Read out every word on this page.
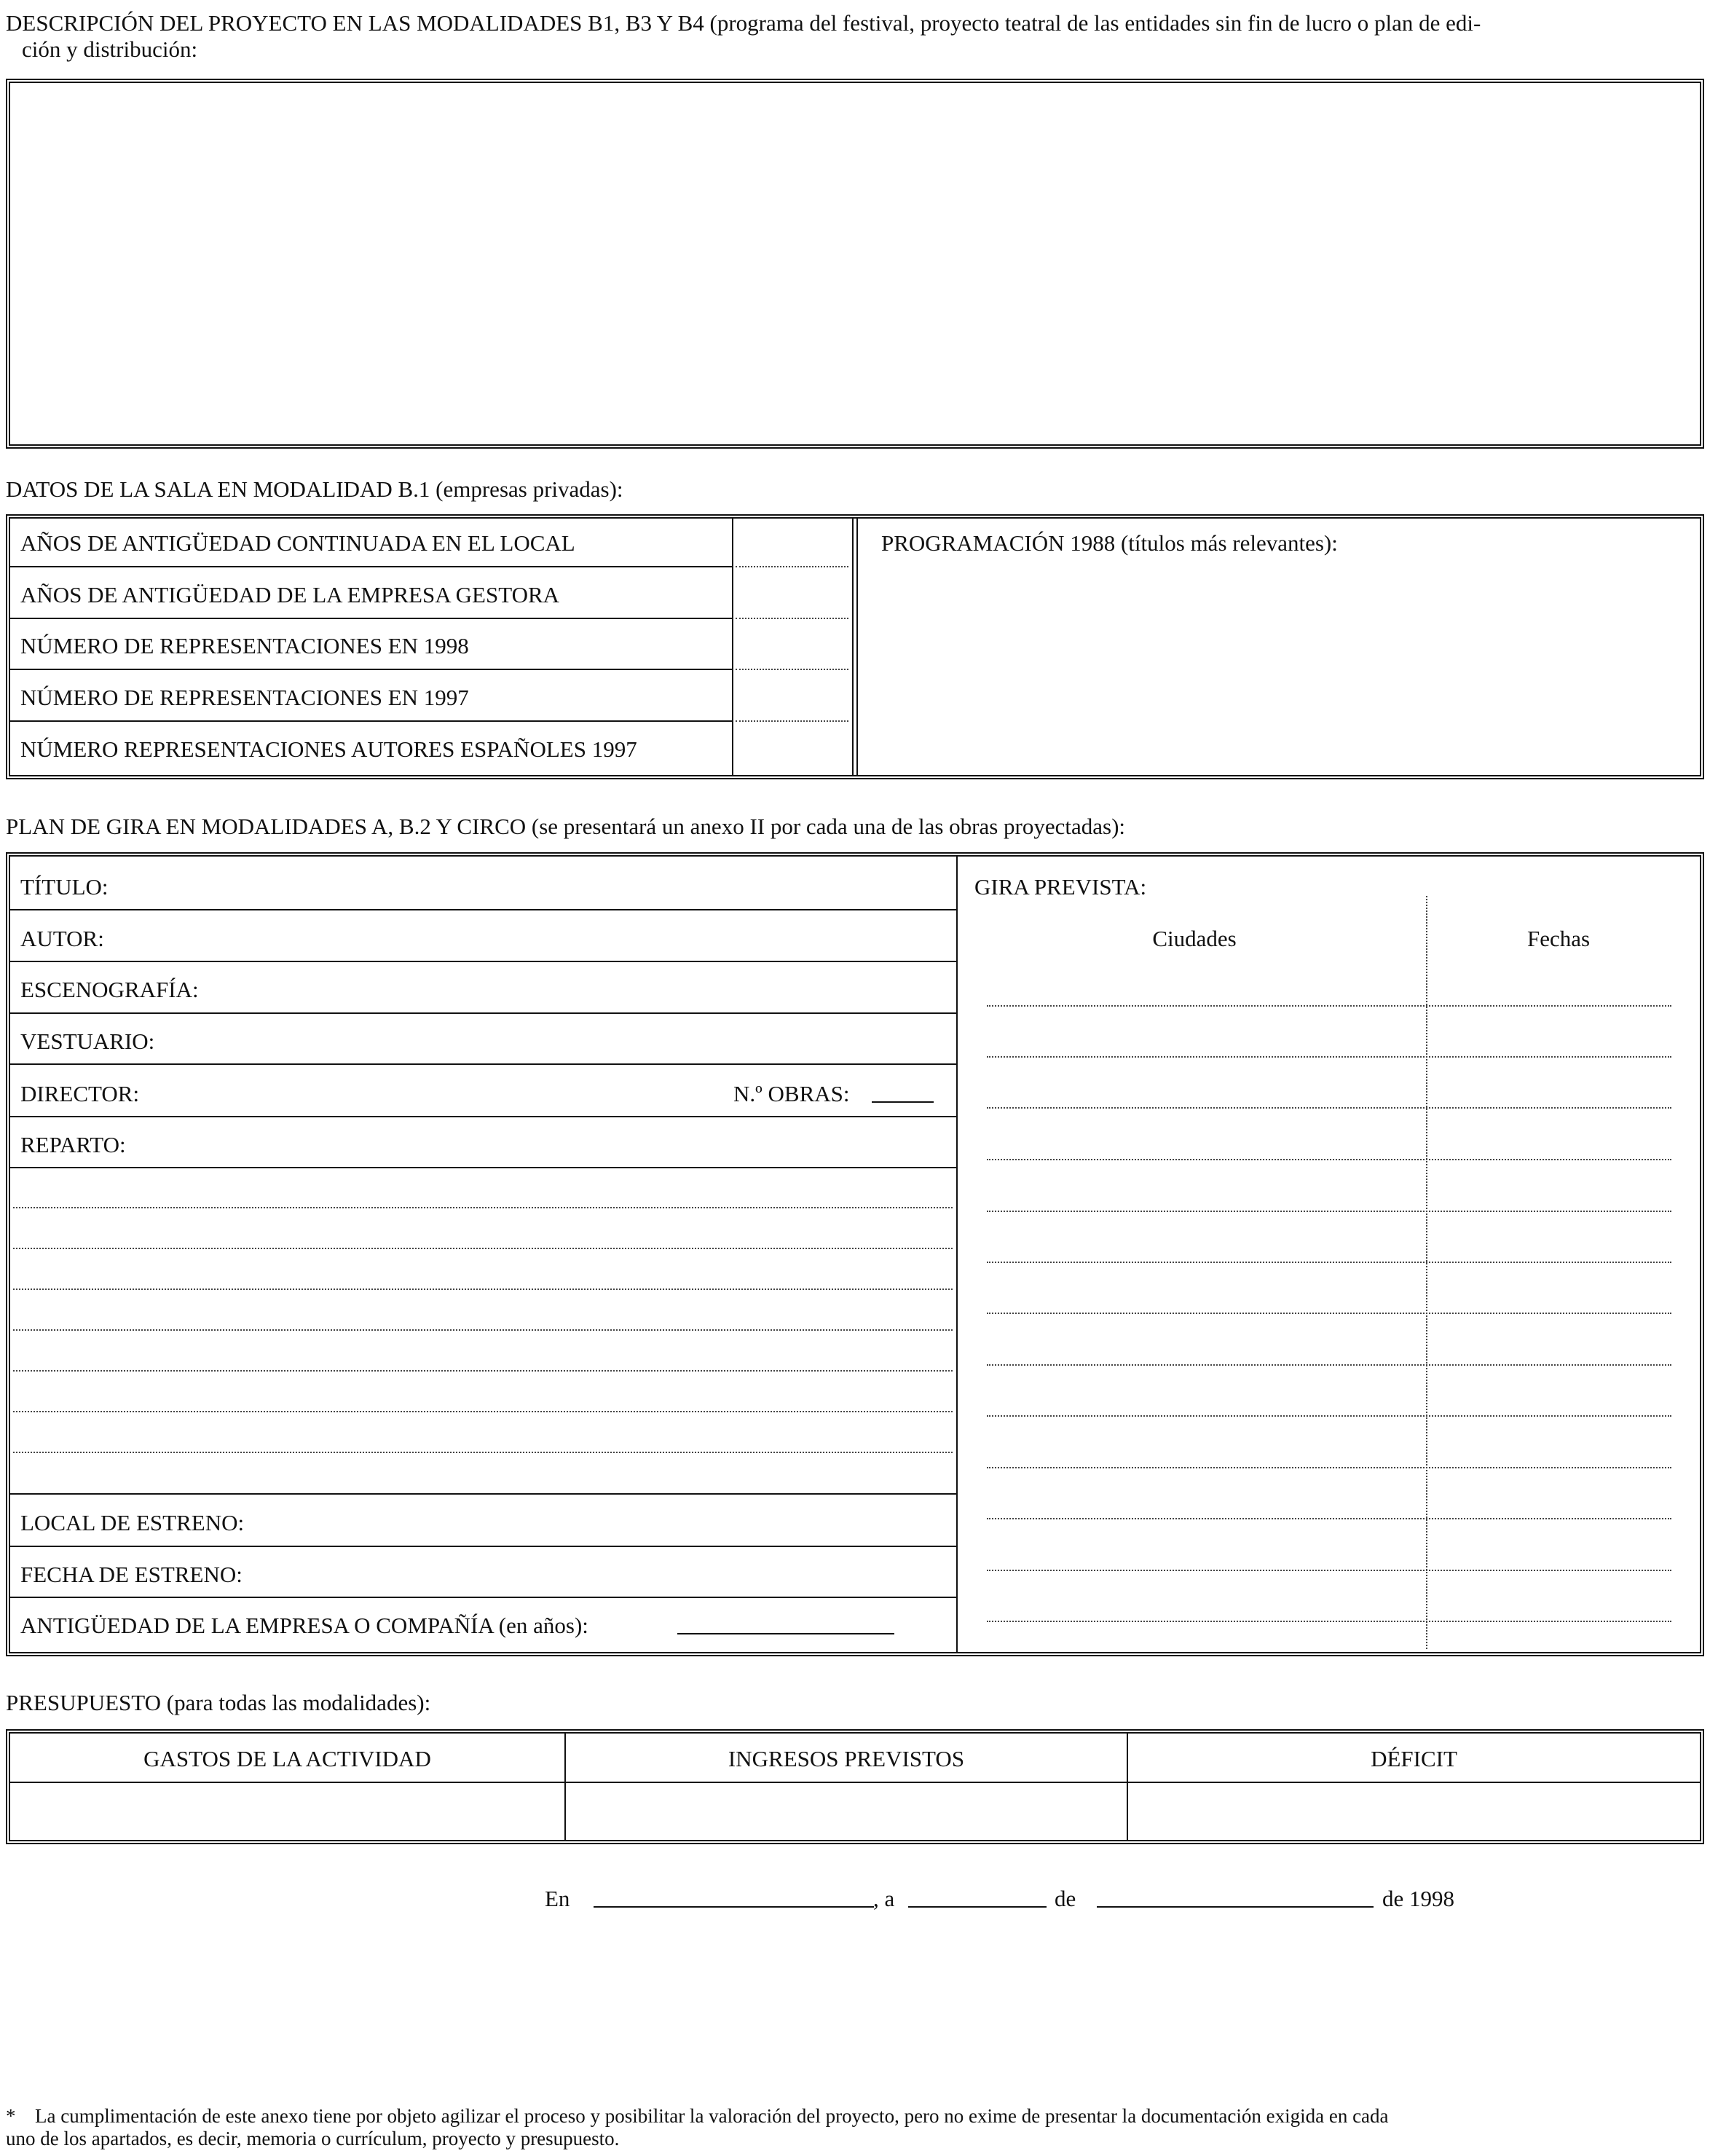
DESCRIPCIÓN DEL PROYECTO EN LAS MODALIDADES B1, B3 Y B4 (programa del festival, proyecto teatral de las entidades sin fin de lucro o plan de edi-
ción y distribución:
DATOS DE LA SALA EN MODALIDAD B.1 (empresas privadas):
AÑOS DE ANTIGÜEDAD CONTINUADA EN EL LOCAL
AÑOS DE ANTIGÜEDAD DE LA EMPRESA GESTORA
NÚMERO DE REPRESENTACIONES EN 1998
NÚMERO DE REPRESENTACIONES EN 1997
NÚMERO REPRESENTACIONES AUTORES ESPAÑOLES 1997
PROGRAMACIÓN 1988 (títulos más relevantes):
PLAN DE GIRA EN MODALIDADES A, B.2 Y CIRCO (se presentará un anexo II por cada una de las obras proyectadas):
TÍTULO:
AUTOR:
ESCENOGRAFÍA:
VESTUARIO:
DIRECTOR:	N.º OBRAS:
REPARTO:
LOCAL DE ESTRENO:
FECHA DE ESTRENO:
ANTIGÜEDAD DE LA EMPRESA O COMPAÑÍA (en años):
GIRA PREVISTA:
Ciudades	Fechas
PRESUPUESTO (para todas las modalidades):
GASTOS DE LA ACTIVIDAD	INGRESOS PREVISTOS	DÉFICIT
En	, a	de	de 1998
* La cumplimentación de este anexo tiene por objeto agilizar el proceso y posibilitar la valoración del proyecto, pero no exime de presentar la documentación exigida en cada
uno de los apartados, es decir, memoria o currículum, proyecto y presupuesto.
